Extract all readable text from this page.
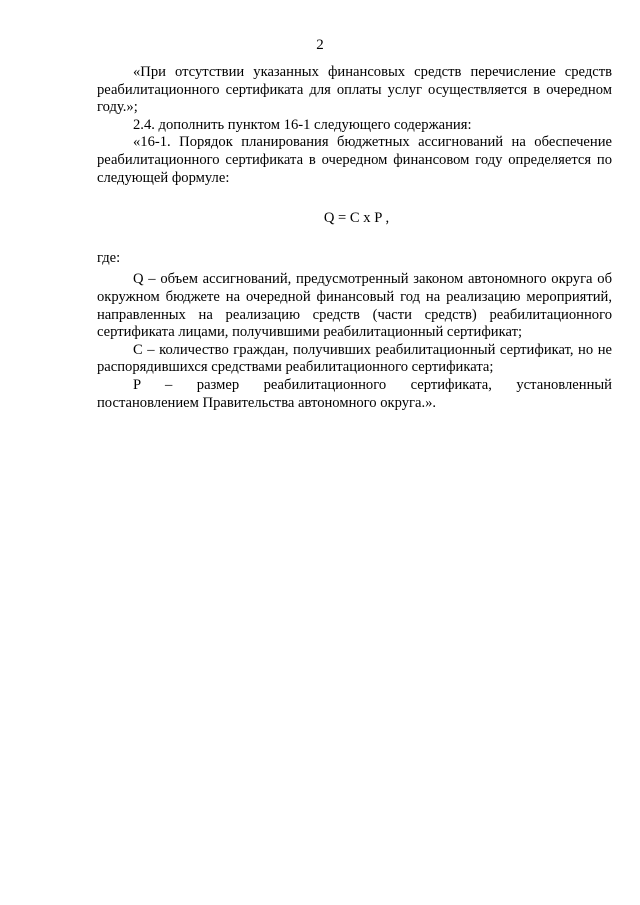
2

«При отсутствии указанных финансовых средств перечисление средств реабилитационного сертификата для оплаты услуг осуществляется в очередном году.»;

2.4. дополнить пунктом 16-1 следующего содержания:

«16-1. Порядок планирования бюджетных ассигнований на обеспечение реабилитационного сертификата в очередном финансовом году определяется по следующей формуле:

Q = C x P ,

где:

Q – объем ассигнований, предусмотренный законом автономного округа об окружном бюджете на очередной финансовый год на реализацию мероприятий, направленных на реализацию средств (части средств) реабилитационного сертификата лицами, получившими реабилитационный сертификат;

С – количество граждан, получивших реабилитационный сертификат, но не распорядившихся средствами реабилитационного сертификата;

P – размер реабилитационного сертификата, установленный постановлением Правительства автономного округа.».
